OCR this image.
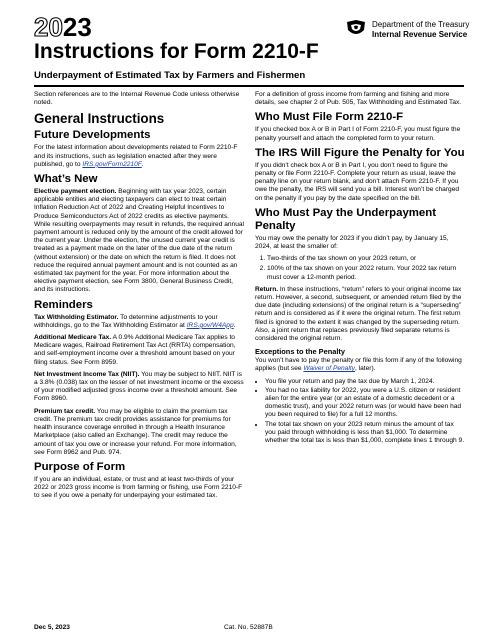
2023	Department of the Treasury
Internal Revenue Service
Instructions for Form 2210-F
Underpayment of Estimated Tax by Farmers and Fishermen

Section references are to the Internal Revenue Code unless otherwise noted.

General Instructions
Future Developments

For the latest information about developments related to Form 2210-F and its instructions, such as legislation enacted after they were published, go to IRS.gov/Form2210F.

What’s New

Elective payment election. Beginning with tax year 2023, certain applicable entities and electing taxpayers can elect to treat certain Inflation Reduction Act of 2022 and Creating Helpful Incentives to Produce Semiconductors Act of 2022 credits as elective payments. While resulting overpayments may result in refunds, the required annual payment amount is reduced only by the amount of the credit allowed for the current year. Under the election, the unused current year credit is treated as a payment made on the later of the due date of the return (without extension) or the date on which the return is filed. It does not reduce the required annual payment amount and is not counted as an estimated tax payment for the year. For more information about the elective payment election, see Form 3800, General Business Credit, and its instructions.

Reminders

Tax Withholding Estimator. To determine adjustments to your withholdings, go to the Tax Withholding Estimator at IRS.gov/W4App.

Additional Medicare Tax. A 0.9% Additional Medicare Tax applies to Medicare wages, Railroad Retirement Tax Act (RRTA) compensation, and self-employment income over a threshold amount based on your filing status. See Form 8959.

Net Investment Income Tax (NIIT). You may be subject to NIIT. NIIT is a 3.8% (0.038) tax on the lesser of net investment income or the excess of your modified adjusted gross income over a threshold amount. See Form 8960.

Premium tax credit. You may be eligible to claim the premium tax credit. The premium tax credit provides assistance for premiums for health insurance coverage enrolled in through a Health Insurance Marketplace (also called an Exchange). The credit may reduce the amount of tax you owe or increase your refund. For more information, see Form 8962 and Pub. 974.

Purpose of Form

If you are an individual, estate, or trust and at least two-thirds of your 2022 or 2023 gross income is from farming or fishing, use Form 2210-F to see if you owe a penalty for underpaying your estimated tax.

For a definition of gross income from farming and fishing and more details, see chapter 2 of Pub. 505, Tax Withholding and Estimated Tax.

Who Must File Form 2210-F

If you checked box A or B in Part I of Form 2210-F, you must figure the penalty yourself and attach the completed form to your return.

The IRS Will Figure the Penalty for You

If you didn’t check box A or B in Part I, you don’t need to figure the penalty or file Form 2210-F. Complete your return as usual, leave the penalty line on your return blank, and don’t attach Form 2210-F. If you owe the penalty, the IRS will send you a bill. Interest won’t be charged on the penalty if you pay by the date specified on the bill.

Who Must Pay the Underpayment Penalty

You may owe the penalty for 2023 if you didn’t pay, by January 15, 2024, at least the smaller of:

1. Two-thirds of the tax shown on your 2023 return, or
2. 100% of the tax shown on your 2022 return. Your 2022 tax return must cover a 12-month period.

Return. In these instructions, “return” refers to your original income tax return. However, a second, subsequent, or amended return filed by the due date (including extensions) of the original return is a “superseding” return and is considered as if it were the original return. The first return filed is ignored to the extent it was changed by the superseding return. Also, a joint return that replaces previously filed separate returns is considered the original return.

Exceptions to the Penalty

You won’t have to pay the penalty or file this form if any of the following applies (but see Waiver of Penalty, later).

• You file your return and pay the tax due by March 1, 2024.
• You had no tax liability for 2022, you were a U.S. citizen or resident alien for the entire year (or an estate of a domestic decedent or a domestic trust), and your 2022 return was (or would have been had you been required to file) for a full 12 months.
• The total tax shown on your 2023 return minus the amount of tax you paid through withholding is less than $1,000. To determine whether the total tax is less than $1,000, complete lines 1 through 9.
Dec 5, 2023	Cat. No. 52887B
